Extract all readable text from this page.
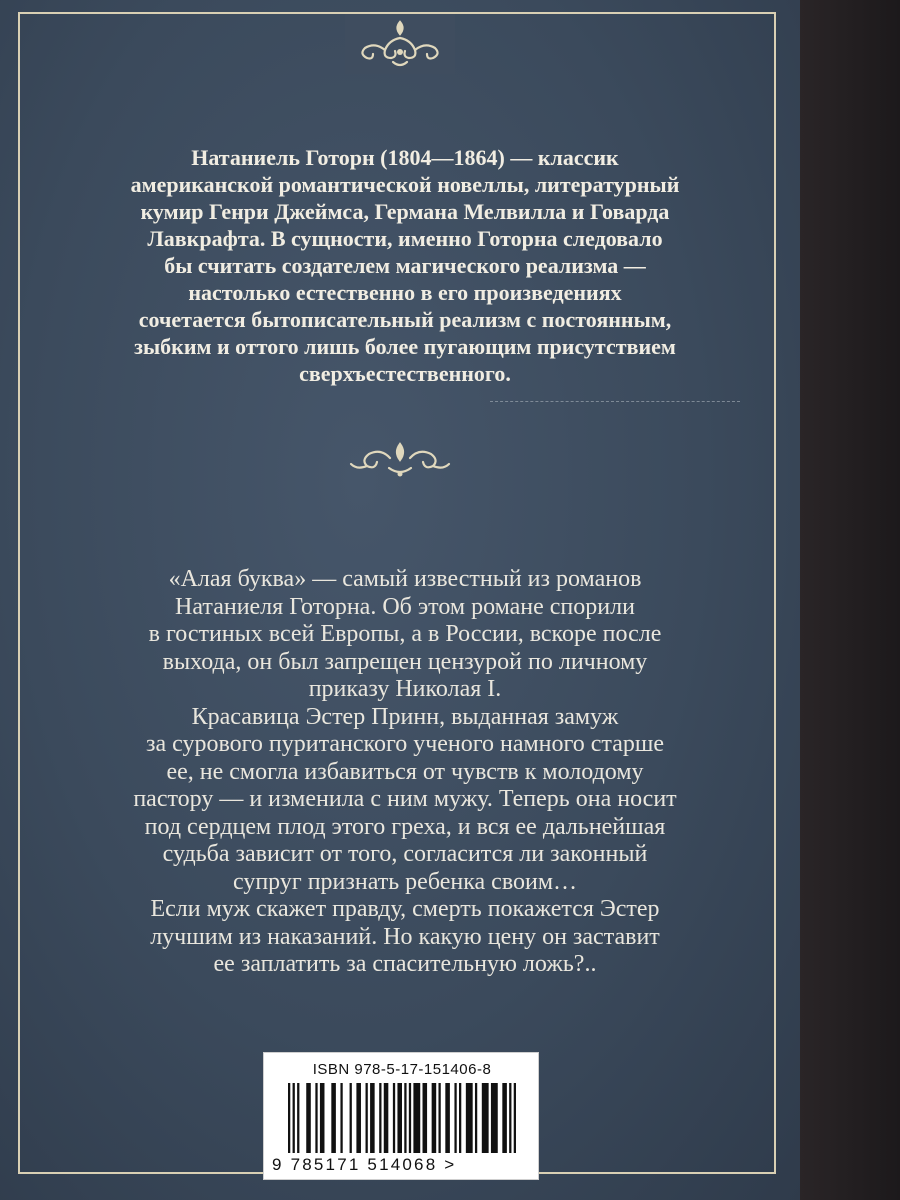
Натаниель Готорн (1804—1864) — классик
американской романтической новеллы, литературный
кумир Генри Джеймса, Германа Мелвилла и Говарда
Лавкрафта. В сущности, именно Готорна следовало
бы считать создателем магического реализма —
настолько естественно в его произведениях
сочетается бытописательный реализм с постоянным,
зыбким и оттого лишь более пугающим присутствием
сверхъестественного.
«Алая буква» — самый известный из романов
Натаниеля Готорна. Об этом романе спорили
в гостиных всей Европы, а в России, вскоре после
выхода, он был запрещен цензурой по личному
приказу Николая I.
Красавица Эстер Принн, выданная замуж
за сурового пуританского ученого намного старше
ее, не смогла избавиться от чувств к молодому
пастору — и изменила с ним мужу. Теперь она носит
под сердцем плод этого греха, и вся ее дальнейшая
судьба зависит от того, согласится ли законный
супруг признать ребенка своим…
Если муж скажет правду, смерть покажется Эстер
лучшим из наказаний. Но какую цену он заставит
ее заплатить за спасительную ложь?..
ISBN 978-5-17-151406-8
9 785171 514068 >
